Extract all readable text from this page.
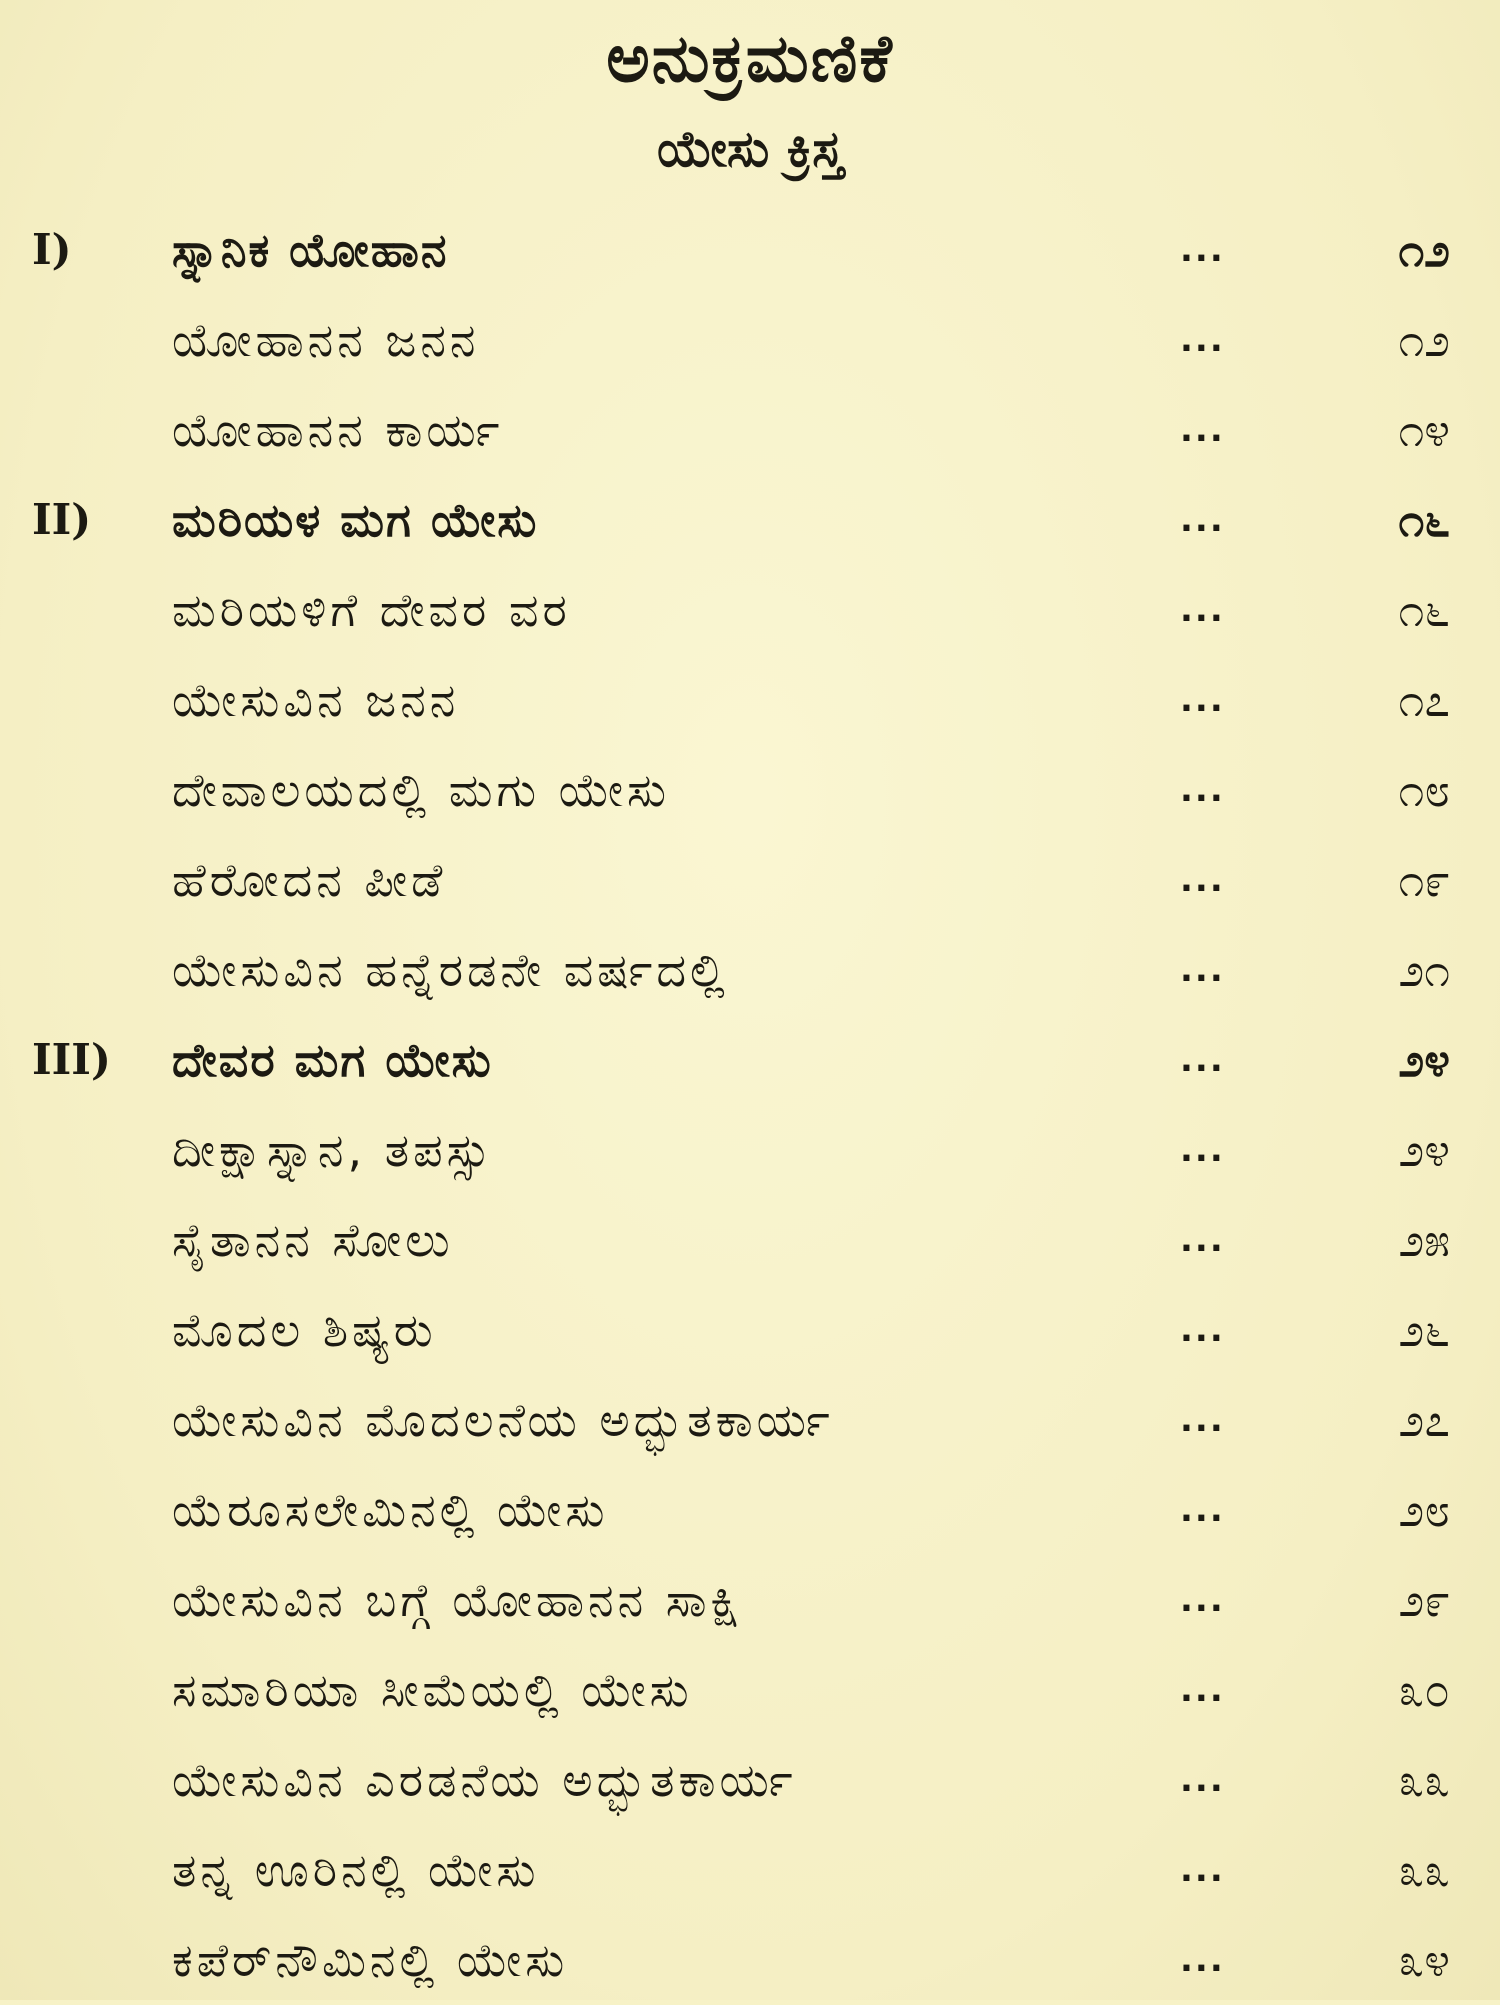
ಅನುಕ್ರಮಣಿಕೆ
ಯೇಸು ಕ್ರಿಸ್ತ
I) ಸ್ನಾನಿಕ ಯೋಹಾನ	...	೧೨
ಯೋಹಾನನ ಜನನ	...	೧೨
ಯೋಹಾನನ ಕಾರ್ಯ	...	೧೪
II) ಮರಿಯಳ ಮಗ ಯೇಸು	...	೧೬
ಮರಿಯಳಿಗೆ ದೇವರ ವರ	...	೧೬
ಯೇಸುವಿನ ಜನನ	...	೧೭
ದೇವಾಲಯದಲ್ಲಿ ಮಗು ಯೇಸು	...	೧೮
ಹೆರೋದನ ಪೀಡೆ	...	೧೯
ಯೇಸುವಿನ ಹನ್ನೆರಡನೇ ವರ್ಷದಲ್ಲಿ	...	೨೧
III) ದೇವರ ಮಗ ಯೇಸು	...	೨೪
ದೀಕ್ಷಾಸ್ನಾನ, ತಪಸ್ಸು	...	೨೪
ಸೈತಾನನ ಸೋಲು	...	೨೫
ಮೊದಲ ಶಿಷ್ಯರು	...	೨೬
ಯೇಸುವಿನ ಮೊದಲನೆಯ ಅದ್ಭುತಕಾರ್ಯ	...	೨೭
ಯೆರೂಸಲೇಮಿನಲ್ಲಿ ಯೇಸು	...	೨೮
ಯೇಸುವಿನ ಬಗ್ಗೆ ಯೋಹಾನನ ಸಾಕ್ಷಿ	...	೨೯
ಸಮಾರಿಯಾ ಸೀಮೆಯಲ್ಲಿ ಯೇಸು	...	೩೦
ಯೇಸುವಿನ ಎರಡನೆಯ ಅದ್ಭುತಕಾರ್ಯ	...	೩೩
ತನ್ನ ಊರಿನಲ್ಲಿ ಯೇಸು	...	೩೩
ಕಪೆರ್‌ನೌಮಿನಲ್ಲಿ ಯೇಸು	...	೩೪
